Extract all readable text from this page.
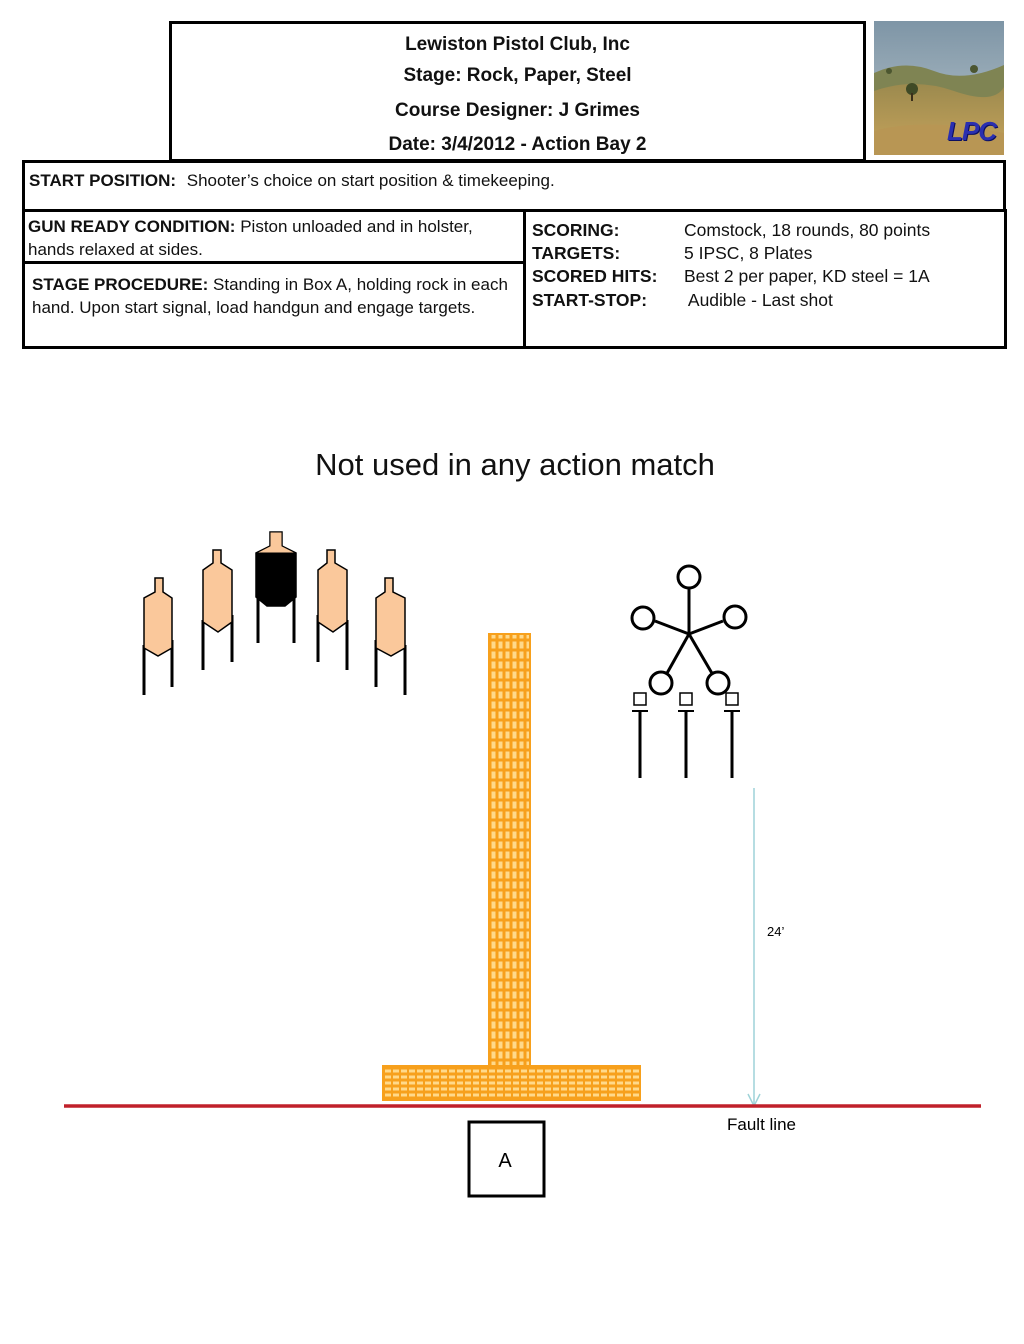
Lewiston Pistol Club, Inc
Stage: Rock, Paper, Steel
Course Designer: J Grimes
Date: 3/4/2012 - Action Bay 2	LPC
START POSITION: Shooter’s choice on start position & timekeeping.
GUN READY CONDITION: Piston unloaded and in holster, hands relaxed at sides.
STAGE PROCEDURE: Standing in Box A, holding rock in each hand. Upon start signal, load handgun and engage targets.
SCORING:	Comstock, 18 rounds, 80 points
TARGETS:	5 IPSC, 8 Plates
SCORED HITS: Best 2 per paper, KD steel = 1A
START-STOP: Audible - Last shot
Not used in any action match
24’
Fault line
A
